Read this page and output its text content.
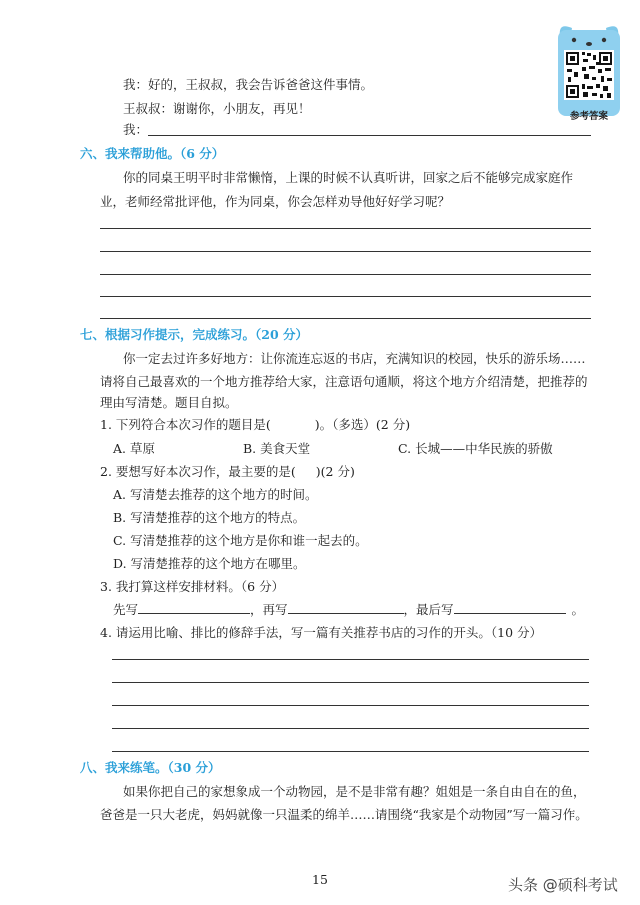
参考答案
我：好的，王叔叔，我会告诉爸爸这件事情。
王叔叔：谢谢你，小朋友，再见！
我：
六、我来帮助他。（6 分）
你的同桌王明平时非常懒惰，上课的时候不认真听讲，回家之后不能够完成家庭作
业，老师经常批评他，作为同桌，你会怎样劝导他好好学习呢？
七、根据习作提示，完成练习。（20 分）
你一定去过许多好地方：让你流连忘返的书店，充满知识的校园，快乐的游乐场……
请将自己最喜欢的一个地方推荐给大家，注意语句通顺，将这个地方介绍清楚，把推荐的
理由写清楚。题目自拟。
1. 下列符合本次习作的题目是(	)。（多选）(2 分)
A. 草原	B. 美食天堂	C. 长城——中华民族的骄傲
2. 要想写好本次习作，最主要的是( )(2 分)
A. 写清楚去推荐的这个地方的时间。
B. 写清楚推荐的这个地方的特点。
C. 写清楚推荐的这个地方是你和谁一起去的。
D. 写清楚推荐的这个地方在哪里。
3. 我打算这样安排材料。（6 分）
先写	，再写	，最后写	。
4. 请运用比喻、排比的修辞手法，写一篇有关推荐书店的习作的开头。（10 分）
八、我来练笔。（30 分）
如果你把自己的家想象成一个动物园，是不是非常有趣？姐姐是一条自由自在的鱼，
爸爸是一只大老虎，妈妈就像一只温柔的绵羊……请围绕“我家是个动物园”写一篇习作。
15	头条 @硕科考试
